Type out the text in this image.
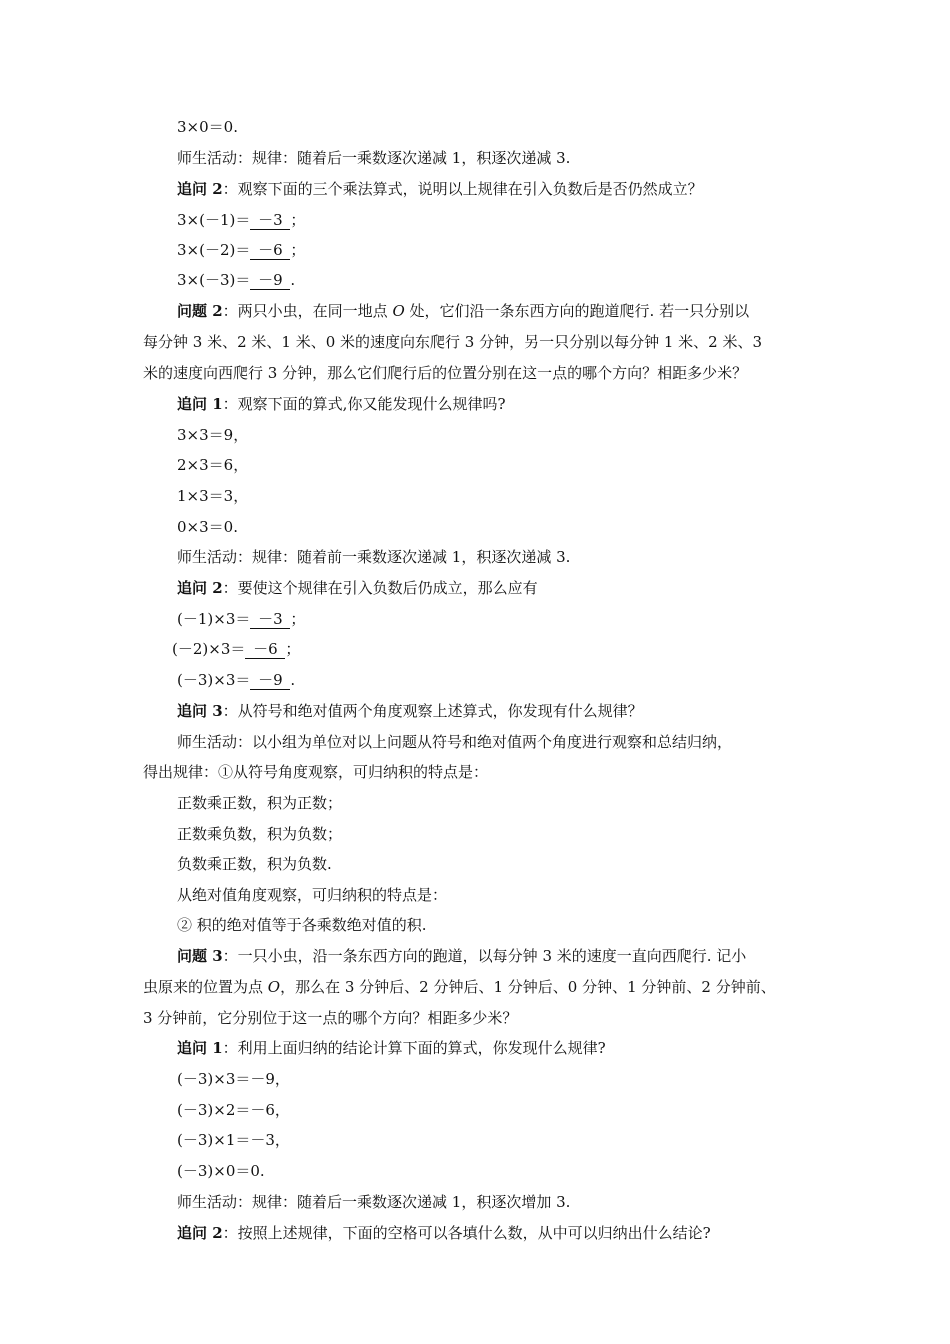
3×0＝0.
师生活动：规律：随着后一乘数逐次递减 1，积逐次递减 3.
追问 2：观察下面的三个乘法算式，说明以上规律在引入负数后是否仍然成立？
3×(－1)＝ －3 ；
3×(－2)＝ －6 ；
3×(－3)＝ －9 .
问题 2：两只小虫，在同一地点 O 处，它们沿一条东西方向的跑道爬行. 若一只分别以
每分钟 3 米、2 米、1 米、0 米的速度向东爬行 3 分钟，另一只分别以每分钟 1 米、2 米、3
米的速度向西爬行 3 分钟，那么它们爬行后的位置分别在这一点的哪个方向？相距多少米？
追问 1：观察下面的算式,你又能发现什么规律吗?
3×3＝9，
2×3＝6，
1×3＝3，
0×3＝0.
师生活动：规律：随着前一乘数逐次递减 1，积逐次递减 3.
追问 2：要使这个规律在引入负数后仍成立，那么应有
(－1)×3＝ －3 ；
(－2)×3＝ －6 ；
(－3)×3＝ －9 .
追问 3：从符号和绝对值两个角度观察上述算式，你发现有什么规律？
师生活动：以小组为单位对以上问题从符号和绝对值两个角度进行观察和总结归纳，
得出规律：①从符号角度观察，可归纳积的特点是：
正数乘正数，积为正数；
正数乘负数，积为负数；
负数乘正数，积为负数.
从绝对值角度观察，可归纳积的特点是：
② 积的绝对值等于各乘数绝对值的积.
问题 3：一只小虫，沿一条东西方向的跑道，以每分钟 3 米的速度一直向西爬行. 记小
虫原来的位置为点 O，那么在 3 分钟后、2 分钟后、1 分钟后、0 分钟、1 分钟前、2 分钟前、
3 分钟前，它分别位于这一点的哪个方向？相距多少米？
追问 1：利用上面归纳的结论计算下面的算式，你发现什么规律?
(－3)×3＝－9，
(－3)×2＝－6，
(－3)×1＝－3，
(－3)×0＝0.
师生活动：规律：随着后一乘数逐次递减 1，积逐次增加 3.
追问 2：按照上述规律，下面的空格可以各填什么数，从中可以归纳出什么结论?
